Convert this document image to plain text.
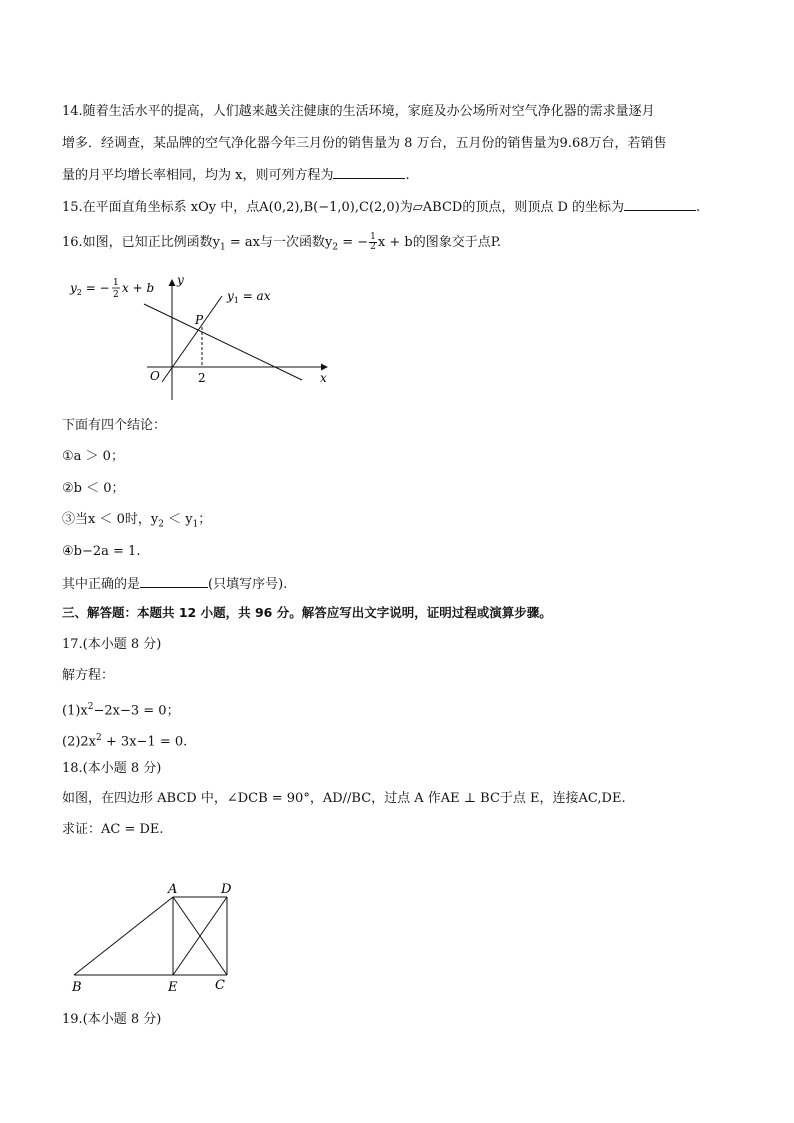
14.随着生活水平的提高，人们越来越关注健康的生活环境，家庭及办公场所对空气净化器的需求量逐月
增多．经调查，某品牌的空气净化器今年三月份的销售量为 8 万台，五月份的销售量为9.68万台，若销售
量的月平均增长率相同，均为 x，则可列方程为	.
15.在平面直角坐标系 xOy 中，点A(0,2),B(−1,0),C(2,0)为▱ABCD的顶点，则顶点 D 的坐标为	.
16.如图，已知正比例函数$y_1$ = ax与一次函数$y_2$ = − $\frac{1}{2}$ x + b的图象交于点P.
y
x
O	2
P
$y_1$ = ax
$y_2$ = − 1
2 x + b
下面有四个结论：
①a ＞ 0；
②b ＜ 0；
③当x ＜ 0时，$y_2 < y_1$；
④b−2a = 1.
其中正确的是	(只填写序号).
三、解答题：本题共 12 小题，共 96 分。解答应写出文字说明，证明过程或演算步骤。
17.(本小题 8 分)
解方程：
$(1)x^2-2x-3 = 0$；
$(2)2x^2 + 3x-1 = 0$.
18.(本小题 8 分)
如图，在四边形 ABCD 中，∠DCB = 90°，AD//BC，过点 A 作AE ⊥ BC于点 E，连接AC,DE.
求证：AC = DE.
A	D
B	E	C
19.(本小题 8 分)
